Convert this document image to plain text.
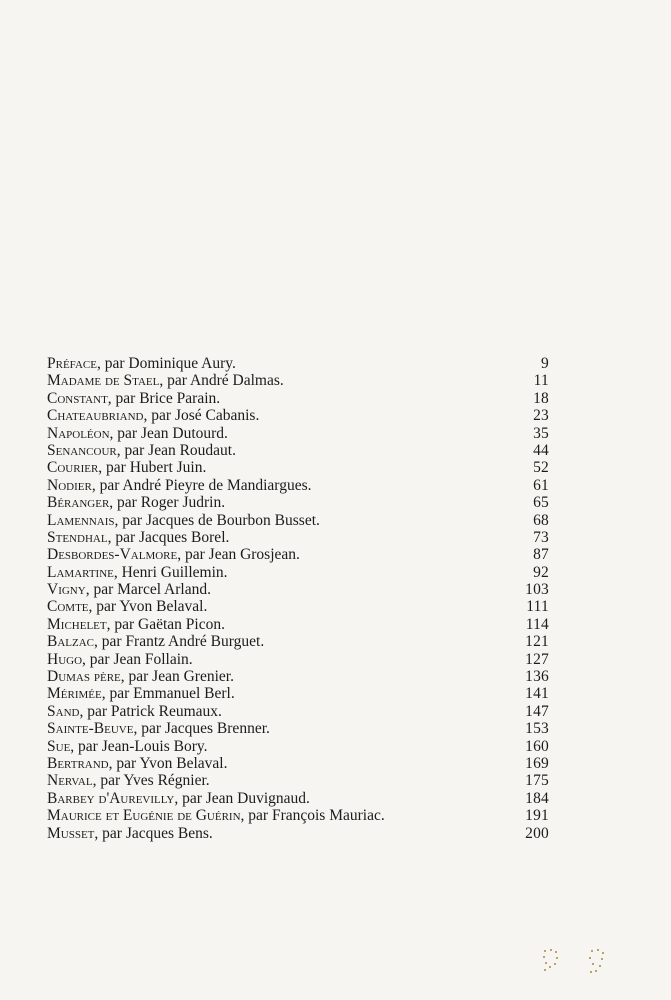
Préface, par Dominique Aury.	9
Madame de Stael, par André Dalmas.	11
Constant, par Brice Parain.	18
Chateaubriand, par José Cabanis.	23
Napoléon, par Jean Dutourd.	35
Senancour, par Jean Roudaut.	44
Courier, par Hubert Juin.	52
Nodier, par André Pieyre de Mandiargues.	61
Béranger, par Roger Judrin.	65
Lamennais, par Jacques de Bourbon Busset.	68
Stendhal, par Jacques Borel.	73
Desbordes-Valmore, par Jean Grosjean.	87
Lamartine, Henri Guillemin.	92
Vigny, par Marcel Arland.	103
Comte, par Yvon Belaval.	111
Michelet, par Gaëtan Picon.	114
Balzac, par Frantz André Burguet.	121
Hugo, par Jean Follain.	127
Dumas père, par Jean Grenier.	136
Mérimée, par Emmanuel Berl.	141
Sand, par Patrick Reumaux.	147
Sainte-Beuve, par Jacques Brenner.	153
Sue, par Jean-Louis Bory.	160
Bertrand, par Yvon Belaval.	169
Nerval, par Yves Régnier.	175
Barbey d'Aurevilly, par Jean Duvignaud.	184
Maurice et Eugénie de Guérin, par François Mauriac.	191
Musset, par Jacques Bens.	200
